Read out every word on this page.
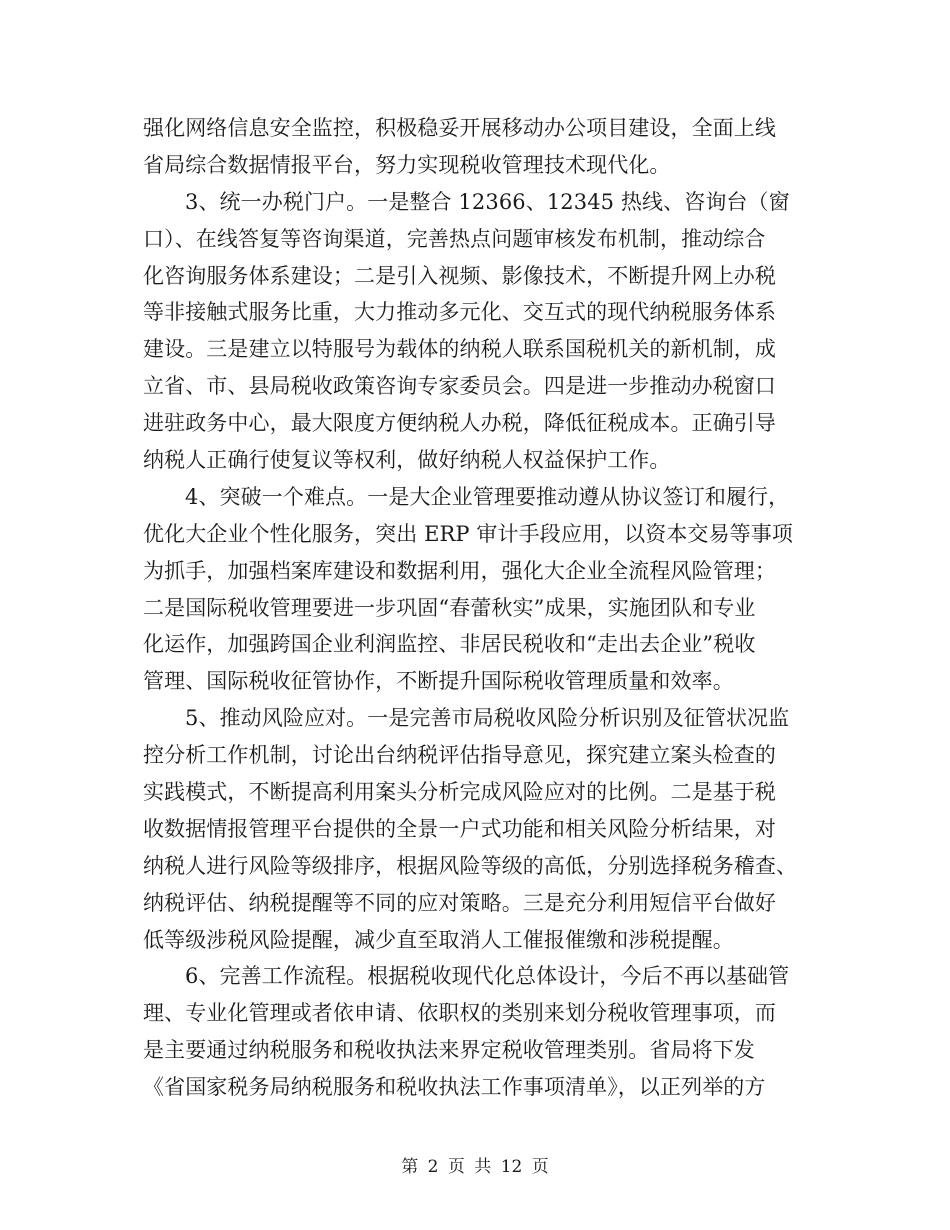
强化网络信息安全监控，积极稳妥开展移动办公项目建设，全面上线
省局综合数据情报平台，努力实现税收管理技术现代化。
3、统一办税门户。一是整合 12366、12345 热线、咨询台（窗
口）、在线答复等咨询渠道，完善热点问题审核发布机制，推动综合
化咨询服务体系建设；二是引入视频、影像技术，不断提升网上办税
等非接触式服务比重，大力推动多元化、交互式的现代纳税服务体系
建设。三是建立以特服号为载体的纳税人联系国税机关的新机制，成
立省、市、县局税收政策咨询专家委员会。四是进一步推动办税窗口
进驻政务中心，最大限度方便纳税人办税，降低征税成本。正确引导
纳税人正确行使复议等权利，做好纳税人权益保护工作。
4、突破一个难点。一是大企业管理要推动遵从协议签订和履行，
优化大企业个性化服务，突出 ERP 审计手段应用，以资本交易等事项
为抓手，加强档案库建设和数据利用，强化大企业全流程风险管理；
二是国际税收管理要进一步巩固“春蕾秋实”成果，实施团队和专业
化运作，加强跨国企业利润监控、非居民税收和“走出去企业”税收
管理、国际税收征管协作，不断提升国际税收管理质量和效率。
5、推动风险应对。一是完善市局税收风险分析识别及征管状况监
控分析工作机制，讨论出台纳税评估指导意见，探究建立案头检查的
实践模式，不断提高利用案头分析完成风险应对的比例。二是基于税
收数据情报管理平台提供的全景一户式功能和相关风险分析结果，对
纳税人进行风险等级排序，根据风险等级的高低，分别选择税务稽查、
纳税评估、纳税提醒等不同的应对策略。三是充分利用短信平台做好
低等级涉税风险提醒，减少直至取消人工催报催缴和涉税提醒。
6、完善工作流程。根据税收现代化总体设计，今后不再以基础管
理、专业化管理或者依申请、依职权的类别来划分税收管理事项，而
是主要通过纳税服务和税收执法来界定税收管理类别。省局将下发
《省国家税务局纳税服务和税收执法工作事项清单》，以正列举的方
第 2 页 共 12 页
